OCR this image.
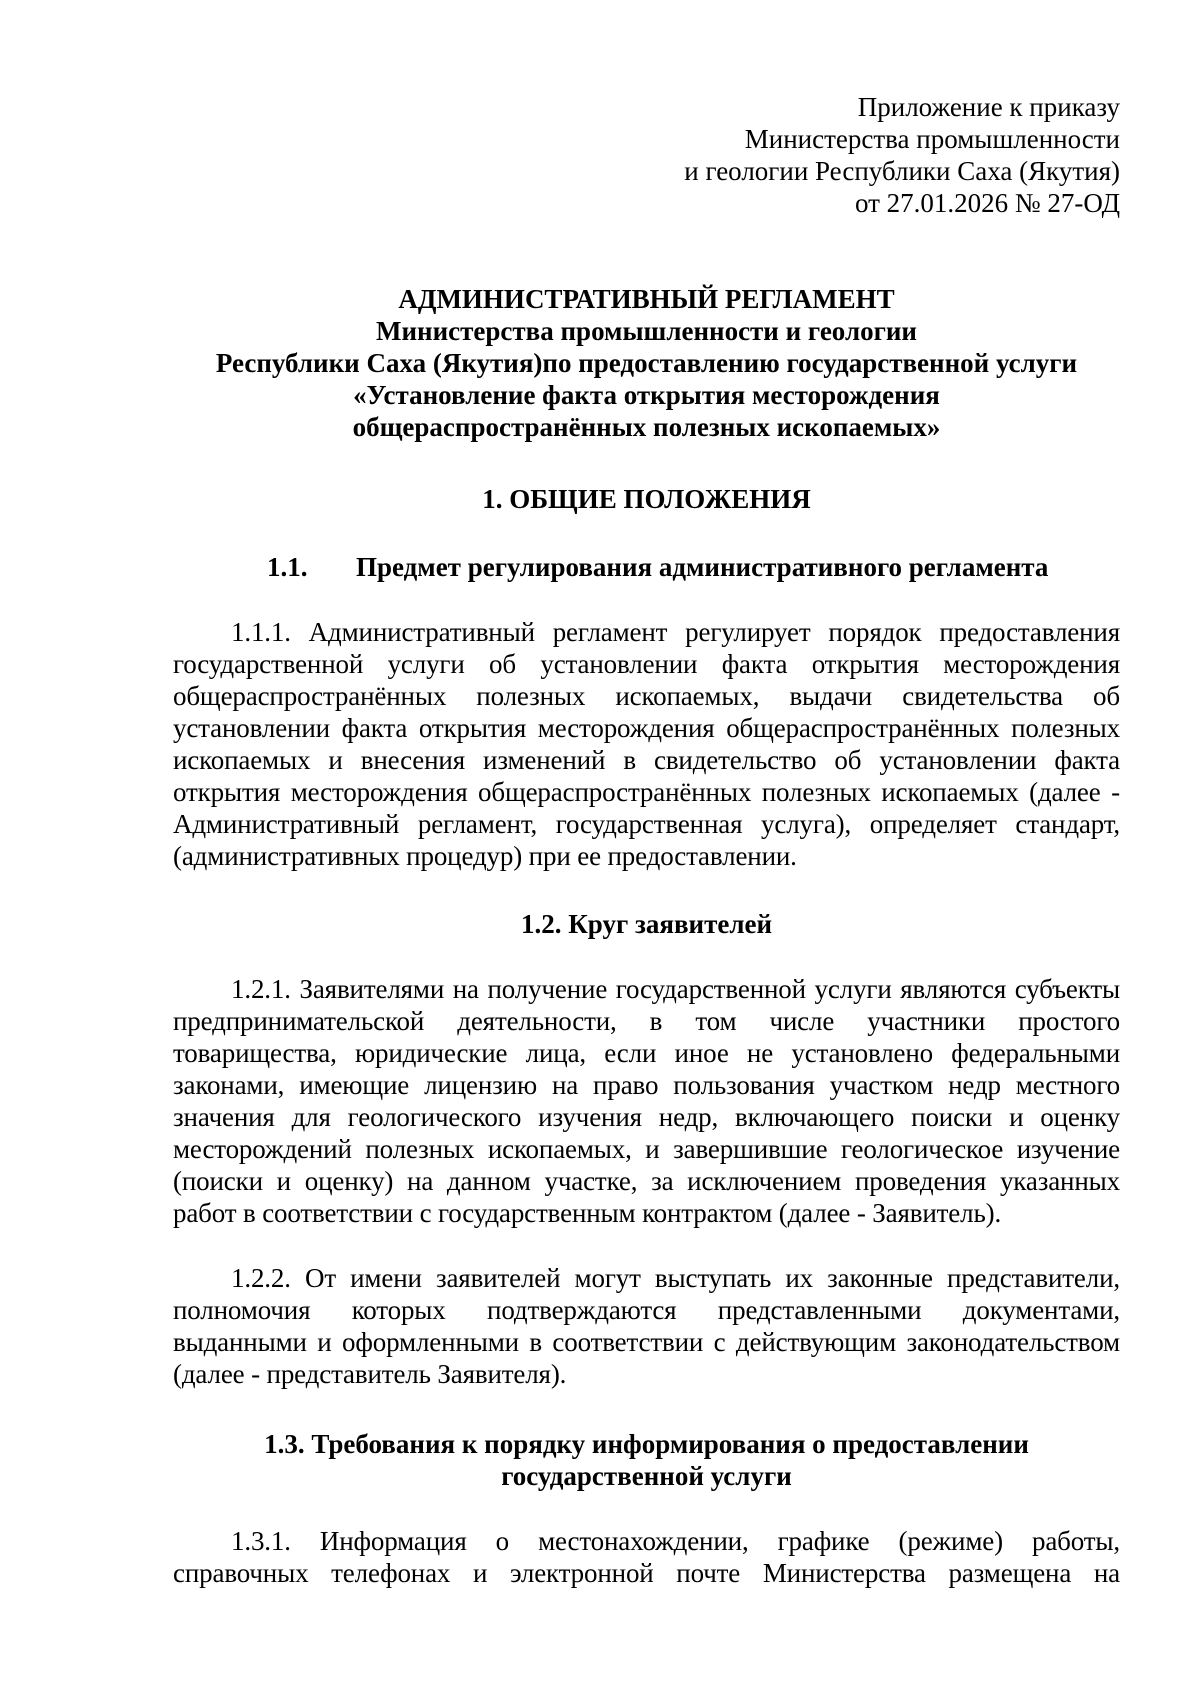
Приложение к приказу
Министерства промышленности
и геологии Республики Саха (Якутия)
от 27.01.2026 № 27-ОД
АДМИНИСТРАТИВНЫЙ РЕГЛАМЕНТ
Министерства промышленности и геологии
Республики Саха (Якутия)по предоставлению государственной услуги
«Установление факта открытия месторождения
общераспространённых полезных ископаемых»
1. ОБЩИЕ ПОЛОЖЕНИЯ
1.1. Предмет регулирования административного регламента
1.1.1. Административный регламент регулирует порядок предоставления государственной услуги об установлении факта открытия месторождения общераспространённых полезных ископаемых, выдачи свидетельства об установлении факта открытия месторождения общераспространённых полезных ископаемых и внесения изменений в свидетельство об установлении факта открытия месторождения общераспространённых полезных ископаемых (далее - Административный регламент, государственная услуга), определяет стандарт, (административных процедур) при ее предоставлении.
1.2. Круг заявителей
1.2.1. Заявителями на получение государственной услуги являются субъекты предпринимательской деятельности, в том числе участники простого товарищества, юридические лица, если иное не установлено федеральными законами, имеющие лицензию на право пользования участком недр местного значения для геологического изучения недр, включающего поиски и оценку месторождений полезных ископаемых, и завершившие геологическое изучение (поиски и оценку) на данном участке, за исключением проведения указанных работ в соответствии с государственным контрактом (далее - Заявитель).
1.2.2. От имени заявителей могут выступать их законные представители, полномочия которых подтверждаются представленными документами, выданными и оформленными в соответствии с действующим законодательством (далее - представитель Заявителя).
1.3. Требования к порядку информирования о предоставлении
государственной услуги
1.3.1. Информация о местонахождении, графике (режиме) работы, справочных телефонах и электронной почте Министерства размещена на
